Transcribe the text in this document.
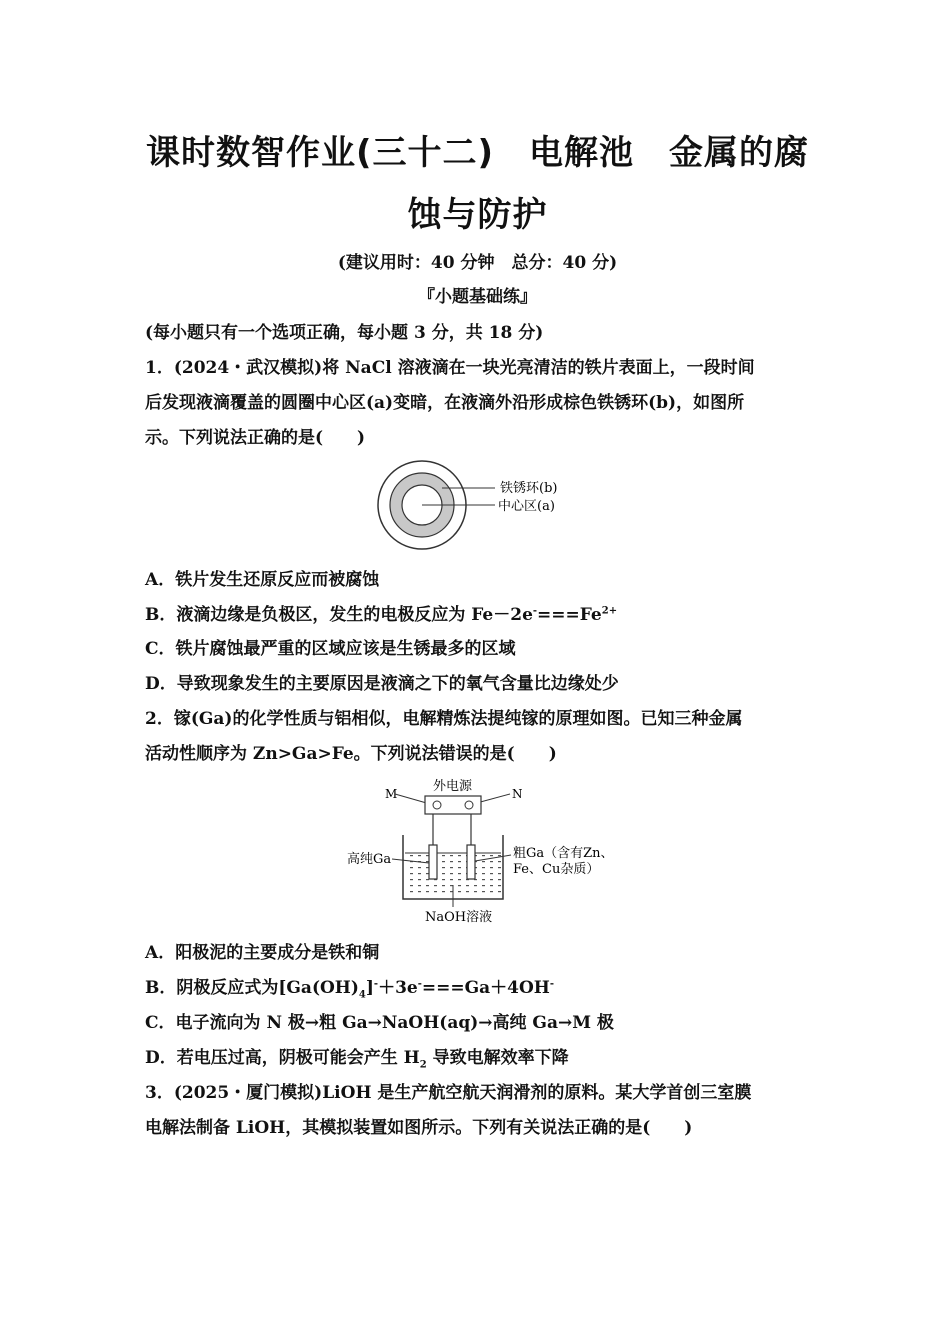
课时数智作业(三十二)　电解池　金属的腐
蚀与防护
(建议用时：40 分钟　总分：40 分)
『小题基础练』
(每小题只有一个选项正确，每小题 3 分，共 18 分)
1．(2024・武汉模拟)将 NaCl 溶液滴在一块光亮清洁的铁片表面上，一段时间
后发现液滴覆盖的圆圈中心区(a)变暗，在液滴外沿形成棕色铁锈环(b)，如图所
示。下列说法正确的是(　　)
铁锈环(b)
中心区(a)
A．铁片发生还原反应而被腐蚀
B．液滴边缘是负极区，发生的电极反应为 $Fe-2e^-===Fe^{2+}$
C．铁片腐蚀最严重的区域应该是生锈最多的区域
D．导致现象发生的主要原因是液滴之下的氧气含量比边缘处少
2．镓(Ga)的化学性质与铝相似，电解精炼法提纯镓的原理如图。已知三种金属
活动性顺序为 Zn>Ga>Fe。下列说法错误的是(　　)
外电源
M	N
高纯Ga	粗Ga（含有Zn、
Fe、Cu杂质）
NaOH溶液
A．阳极泥的主要成分是铁和铜
B．阴极反应式为$[Ga(OH)_4]^-+3e^-===Ga+4OH^-$
C．电子流向为 N 极→粗 Ga→NaOH(aq)→高纯 Ga→M 极
D．若电压过高，阴极可能会产生 $H_2$ 导致电解效率下降
3．(2025・厦门模拟)LiOH 是生产航空航天润滑剂的原料。某大学首创三室膜
电解法制备 LiOH，其模拟装置如图所示。下列有关说法正确的是(　　)
